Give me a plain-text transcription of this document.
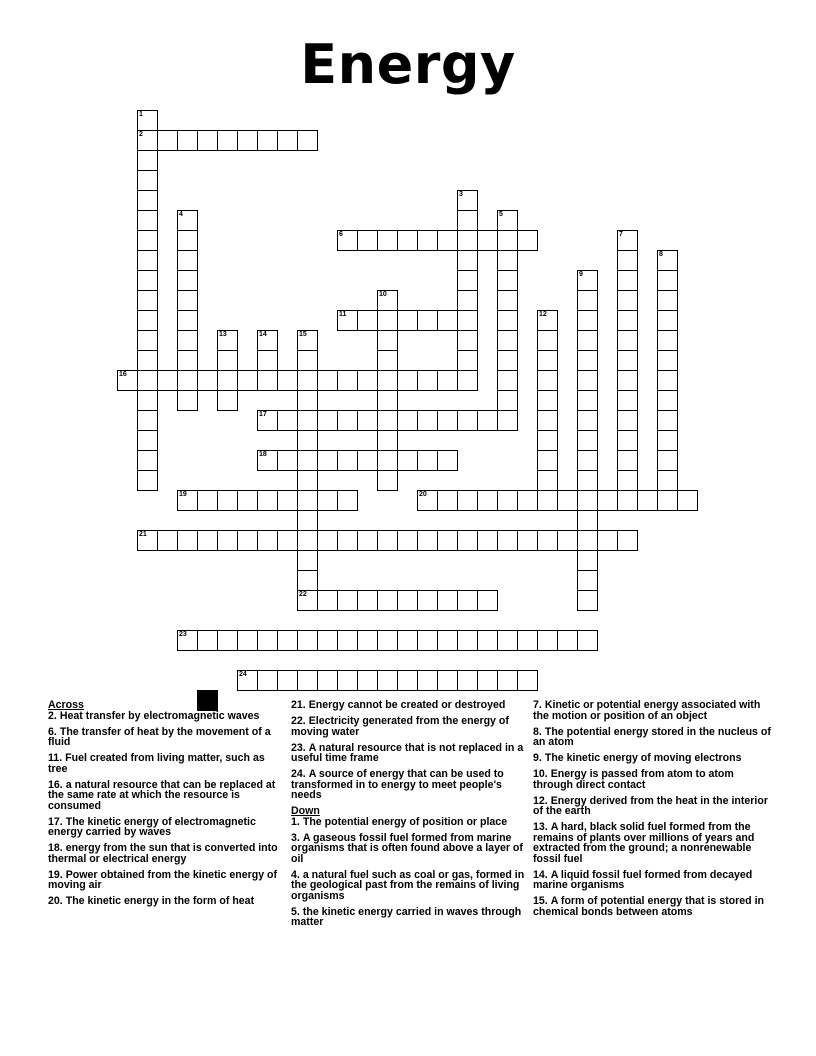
Energy
1
2
16
3
4	5
6	7
8
9
10
11	12
13	14	15
22
17
18
19	20
21
23
24
Across
2. Heat transfer by electromagnetic waves
6. The transfer of heat by the movement of a fluid
11. Fuel created from living matter, such as tree
16. a natural resource that can be replaced at the same rate at which the resource is consumed
17. The kinetic energy of electromagnetic energy carried by waves
18. energy from the sun that is converted into thermal or electrical energy
19. Power obtained from the kinetic energy of moving air
20. The kinetic energy in the form of heat
21. Energy cannot be created or destroyed
22. Electricity generated from the energy of moving water
23. A natural resource that is not replaced in a useful time frame
24. A source of energy that can be used to transformed in to energy to meet people's needs
Down
1. The potential energy of position or place
3. A gaseous fossil fuel formed from marine organisms that is often found above a layer of oil
4. a natural fuel such as coal or gas, formed in the geological past from the remains of living organisms
5. the kinetic energy carried in waves through matter
7. Kinetic or potential energy associated with the motion or position of an object
8. The potential energy stored in the nucleus of an atom
9. The kinetic energy of moving electrons
10. Energy is passed from atom to atom through direct contact
12. Energy derived from the heat in the interior of the earth
13. A hard, black solid fuel formed from the remains of plants over millions of years and extracted from the ground; a nonrenewable fossil fuel
14. A liquid fossil fuel formed from decayed marine organisms
15. A form of potential energy that is stored in chemical bonds between atoms
